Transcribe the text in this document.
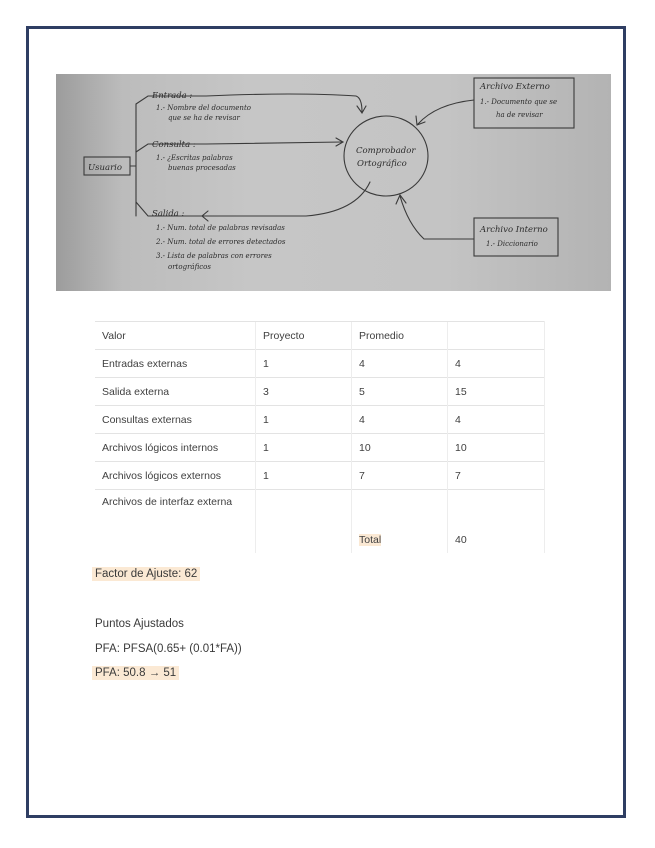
Usuario
Entrada :
1.- Nombre del documento
que se ha de revisar
Consulta :
1.- ¿Escritas palabras
buenas procesadas
Salida :
1.- Num. total de palabras revisadas
2.- Num. total de errores detectados
3.- Lista de palabras con errores
ortográficos
Comprobador
Ortográfico
Archivo Externo
1.- Documento que se
ha de revisar
Archivo Interno
1.- Diccionario
Valor	Proyecto	Promedio	
Entradas externas	1	4	4
Salida externa	3	5	15
Consultas externas	1	4	4
Archivos lógicos internos	1	10	10
Archivos lógicos externos	1	7	7
Archivos de interfaz externa		Total	40
Factor de Ajuste: 62
Puntos Ajustados
PFA: PFSA(0.65+ (0.01*FA))
PFA: 50.8 → 51
